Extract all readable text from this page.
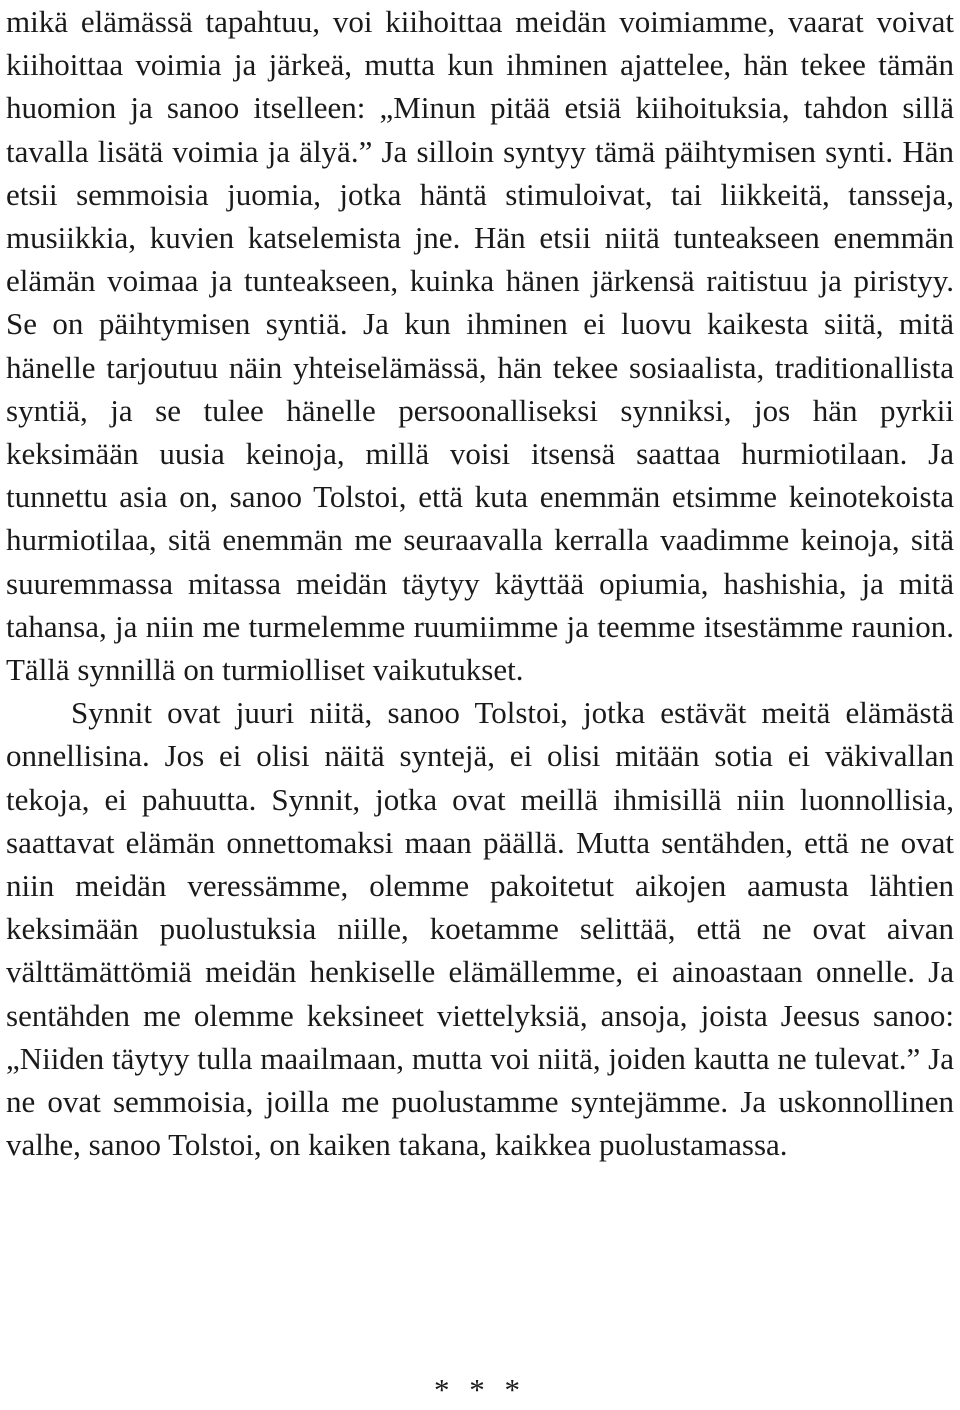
mikä elämässä tapahtuu, voi kiihoittaa meidän voimiamme, vaarat voivat kiihoittaa voimia ja järkeä, mutta kun ihminen ajattelee, hän tekee tämän huomion ja sanoo itselleen: „Minun pitää etsiä kiihoituksia, tahdon sillä tavalla lisätä voimia ja älyä.” Ja silloin syntyy tämä päihtymisen synti. Hän etsii semmoisia juomia, jotka häntä stimuloivat, tai liikkeitä, tansseja, musiikkia, kuvien katselemista jne. Hän etsii niitä tunteakseen enemmän elämän voimaa ja tunteakseen, kuinka hänen järkensä raitistuu ja piristyy. Se on päihtymisen syntiä. Ja kun ihminen ei luovu kaikesta siitä, mitä hänelle tarjoutuu näin yhteiselämässä, hän tekee sosiaalista, traditionallista syntiä, ja se tulee hänelle persoonalliseksi synniksi, jos hän pyrkii keksimään uusia keinoja, millä voisi itsensä saattaa hurmiotilaan. Ja tunnettu asia on, sanoo Tolstoi, että kuta enemmän etsimme keinotekoista hurmiotilaa, sitä enemmän me seuraavalla kerralla vaadimme keinoja, sitä suuremmassa mitassa meidän täytyy käyttää opiumia, hashishia, ja mitä tahansa, ja niin me turmelemme ruumiimme ja teemme itsestämme raunion. Tällä synnillä on turmiolliset vaikutukset.

Synnit ovat juuri niitä, sanoo Tolstoi, jotka estävät meitä elämästä onnellisina. Jos ei olisi näitä syntejä, ei olisi mitään sotia ei väkivallan tekoja, ei pahuutta. Synnit, jotka ovat meillä ihmisillä niin luonnollisia, saattavat elämän onnettomaksi maan päällä. Mutta sentähden, että ne ovat niin meidän veressämme, olemme pakoitetut aikojen aamusta lähtien keksimään puolustuksia niille, koetamme selittää, että ne ovat aivan välttämättömiä meidän henkiselle elämällemme, ei ainoastaan onnelle. Ja sentähden me olemme keksineet viettelyksiä, ansoja, joista Jeesus sanoo: „Niiden täytyy tulla maailmaan, mutta voi niitä, joiden kautta ne tulevat.” Ja ne ovat semmoisia, joilla me puolustamme syntejämme. Ja uskonnollinen valhe, sanoo Tolstoi, on kaiken takana, kaikkea puolustamassa.

* * *
